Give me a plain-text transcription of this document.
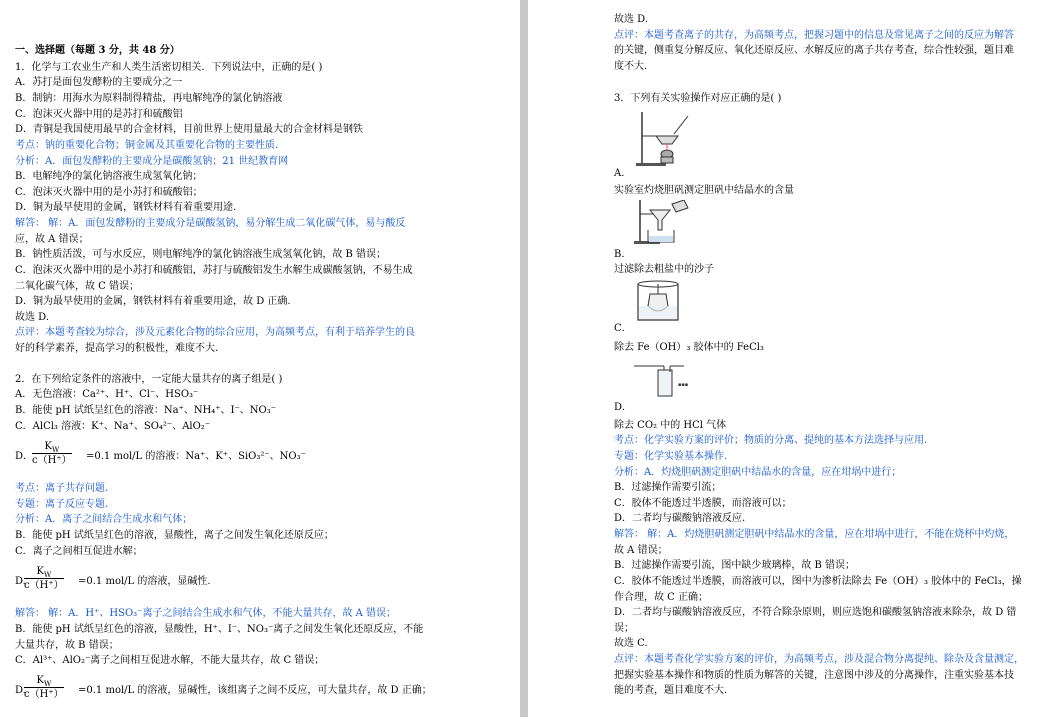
一、选择题（每题 3 分，共 48 分）
1．化学与工农业生产和人类生活密切相关．下列说法中，正确的是( )
A．苏打是面包发酵粉的主要成分之一
B．制钠：用海水为原料制得精盐，再电解纯净的氯化钠溶液
C．泡沫灭火器中用的是苏打和硫酸铝
D．青铜是我国使用最早的合金材料，目前世界上使用量最大的合金材料是钢铁
考点：钠的重要化合物；铜金属及其重要化合物的主要性质.
分析：A．面包发酵粉的主要成分是碳酸氢钠；21 世纪教育网
B．电解纯净的氯化钠溶液生成氢氧化钠；
C．泡沫灭火器中用的是小苏打和硫酸铝；
D．铜为最早使用的金属，钢铁材料有着重要用途.
解答： 解：A．面包发酵粉的主要成分是碳酸氢钠，易分解生成二氧化碳气体，易与酸反
应，故 A 错误；
B．钠性质活泼，可与水反应，则电解纯净的氯化钠溶液生成氢氧化钠，故 B 错误；
C．泡沫灭火器中用的是小苏打和硫酸铝，苏打与硫酸铝发生水解生成碳酸氢钠，不易生成
二氧化碳气体，故 C 错误；
D．铜为最早使用的金属，钢铁材料有着重要用途，故 D 正确.
故选 D.
点评：本题考查较为综合，涉及元素化合物的综合应用，为高频考点，有利于培养学生的良
好的科学素养，提高学习的积极性，难度不大.
2．在下列给定条件的溶液中，一定能大量共存的离子组是( )
A．无色溶液：Ca²⁺、H⁺、Cl⁻、HSO₃⁻
B．能使 pH 试纸呈红色的溶液：Na⁺、NH₄⁺、I⁻、NO₃⁻
C．AlCl₃ 溶液：K⁺、Na⁺、SO₄²⁻、AlO₂⁻
D．
$\frac{K_W}{c(H^+)} =0.1$ mol/L 的溶液：Na⁺、K⁺、SiO₃²⁻、NO₃⁻
考点：离子共存问题.
专题：离子反应专题.
分析：A．离子之间结合生成水和气体；
B．能使 pH 试纸呈红色的溶液，显酸性，离子之间发生氧化还原反应；
C．离子之间相互促进水解；
D.
$\frac{K_W}{c(H^+)} =0.1$ mol/L 的溶液，显碱性.
解答： 解：A．H⁺、HSO₃⁻离子之间结合生成水和气体，不能大量共存，故 A 错误；
B．能使 pH 试纸呈红色的溶液，显酸性，H⁺、I⁻、NO₃⁻离子之间发生氧化还原反应，不能
大量共存，故 B 错误；
C．Al³⁺、AlO₂⁻离子之间相互促进水解，不能大量共存，故 C 错误；
D.
$\frac{K_W}{c(H^+)} =0.1$ mol/L 的溶液，显碱性，该组离子之间不反应，可大量共存，故 D 正确；
故选 D.
点评：本题考查离子的共存，为高频考点，把握习题中的信息及常见离子之间的反应为解答
的关键，侧重复分解反应、氧化还原反应、水解反应的离子共存考查，综合性较强，题目难
度不大.
3．下列有关实验操作对应正确的是( )
A．
实验室灼烧胆矾测定胆矾中结晶水的含量
B．
过滤除去粗盐中的沙子
C．
除去 Fe（OH）₃ 胶体中的 FeCl₃
▪▪▪
D．
除去 CO₂ 中的 HCl 气体
考点：化学实验方案的评价；物质的分离、提纯的基本方法选择与应用.
专题：化学实验基本操作.
分析：A．灼烧胆矾测定胆矾中结晶水的含量，应在坩埚中进行；
B．过滤操作需要引流；
C．胶体不能透过半透膜，而溶液可以；
D．二者均与碳酸钠溶液反应.
解答： 解：A．灼烧胆矾测定胆矾中结晶水的含量，应在坩埚中进行，不能在烧杯中灼烧，
故 A 错误；
B．过滤操作需要引流，图中缺少玻璃棒，故 B 错误；
C．胶体不能透过半透膜，而溶液可以，图中为渗析法除去 Fe（OH）₃ 胶体中的 FeCl₃，操
作合理，故 C 正确；
D．二者均与碳酸钠溶液反应，不符合除杂原则，则应选饱和碳酸氢钠溶液来除杂，故 D 错
误；
故选 C.
点评：本题考查化学实验方案的评价，为高频考点，涉及混合物分离提纯、除杂及含量测定，
把握实验基本操作和物质的性质为解答的关键，注意图中涉及的分离操作，注重实验基本技
能的考查，题目难度不大.
